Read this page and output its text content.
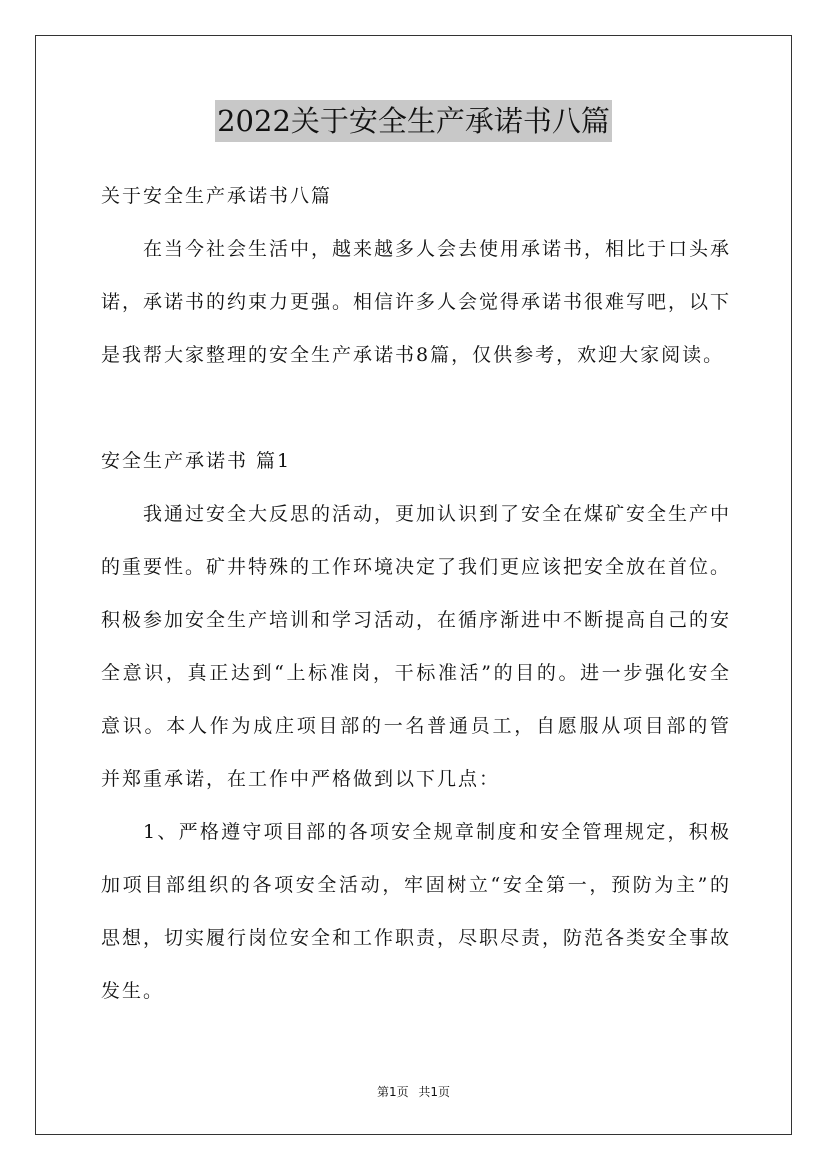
2022关于安全生产承诺书八篇
关于安全生产承诺书八篇
在当今社会生活中，越来越多人会去使用承诺书，相比于口头承
诺，承诺书的约束力更强。相信许多人会觉得承诺书很难写吧，以下
是我帮大家整理的安全生产承诺书8篇，仅供参考，欢迎大家阅读。
安全生产承诺书 篇1
我通过安全大反思的活动，更加认识到了安全在煤矿安全生产中
的重要性。矿井特殊的工作环境决定了我们更应该把安全放在首位。
积极参加安全生产培训和学习活动，在循序渐进中不断提高自己的安
全意识，真正达到“上标准岗，干标准活”的目的。进一步强化安全
意识。本人作为成庄项目部的一名普通员工，自愿服从项目部的管
并郑重承诺，在工作中严格做到以下几点：
1、严格遵守项目部的各项安全规章制度和安全管理规定，积极
加项目部组织的各项安全活动，牢固树立“安全第一，预防为主”的
思想，切实履行岗位安全和工作职责，尽职尽责，防范各类安全事故
发生。
第1页 共1页
